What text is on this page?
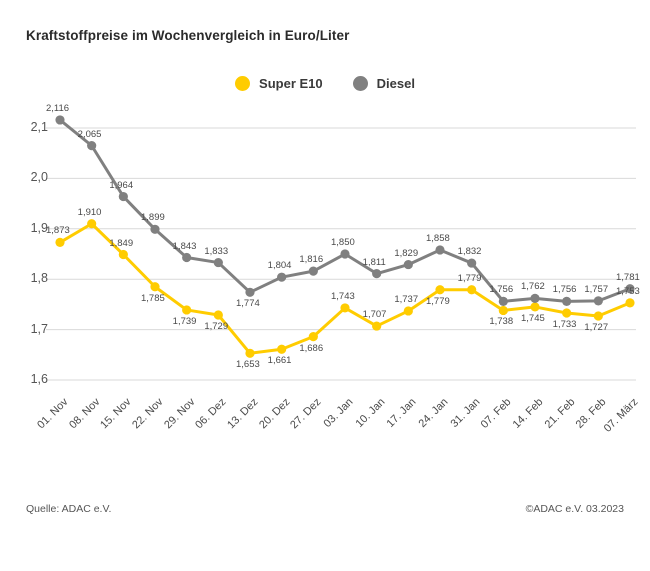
Kraftstoffpreise im Wochenvergleich in Euro/Liter
Super E10	Diesel
1,6
1,7
1,8
1,9
2,0
2,1
01. Nov
08. Nov
15. Nov
22. Nov
29. Nov
06. Dez
13. Dez
20. Dez
27. Dez
03. Jan
10. Jan
17. Jan
24. Jan
31. Jan
07. Feb
14. Feb
21. Feb
28. Feb
07. März
1,873
1,910
1,849
1,785
1,739 1,729
1,653 1,661
1,686
1,743
1,707
1,737 1,779
1,779
1,738 1,745
1,733 1,727
1,753
2,116
2,065
1,964
1,899
1,843 1,833
1,774
1,804
1,816
1,850
1,811
1,829
1,858
1,832
1,756 1,762 1,756 1,757
1,781
Quelle: ADAC e.V.	©ADAC e.V. 03.2023
